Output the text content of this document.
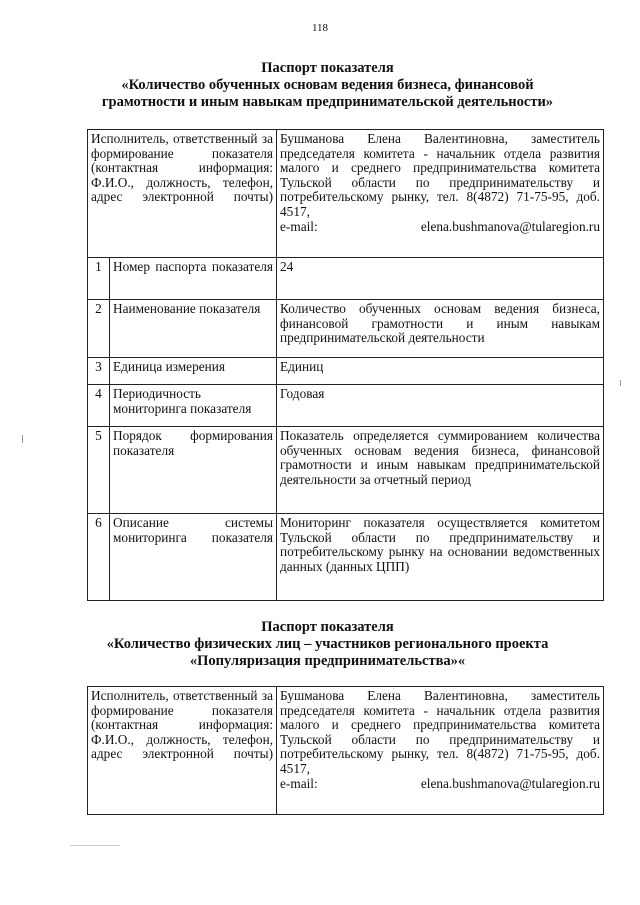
118
Паспорт показателя
«Количество обученных основам ведения бизнеса, финансовой
грамотности и иным навыкам предпринимательской деятельности»
Исполнитель, ответственный за формирование показателя (контактная информация: Ф.И.О., должность, телефон, адрес электронной почты)		Бушманова Елена Валентиновна, заместитель председателя комитета - начальник отдела развития малого и среднего предпринимательства комитета Тульской области по предпринимательству и потребительскому рынку, тел. 8(4872) 71-75-95, доб. 4517,
e-mail: elena.bushmanova@tularegion.ru

1	Номер паспорта показателя	24
2	Наименование показателя	Количество обученных основам ведения бизнеса, финансовой грамотности и иным навыкам предпринимательской деятельности
3	Единица измерения	Единиц
4	Периодичность мониторинга показателя	Годовая
5	Порядок формирования показателя	Показатель определяется суммированием количества обученных основам ведения бизнеса, финансовой грамотности и иным навыкам предпринимательской деятельности за отчетный период
6	Описание системы мониторинга показателя	Мониторинг показателя осуществляется комитетом Тульской области по предпринимательству и потребительскому рынку на основании ведомственных данных (данных ЦПП)
Паспорт показателя
«Количество физических лиц – участников регионального проекта
«Популяризация предпринимательства»«
Исполнитель, ответственный за формирование показателя (контактная информация: Ф.И.О., должность, телефон, адрес электронной почты)	Бушманова Елена Валентиновна, заместитель председателя комитета - начальник отдела развития малого и среднего предпринимательства комитета Тульской области по предпринимательству и потребительскому рынку, тел. 8(4872) 71-75-95, доб. 4517,
e-mail: elena.bushmanova@tularegion.ru
